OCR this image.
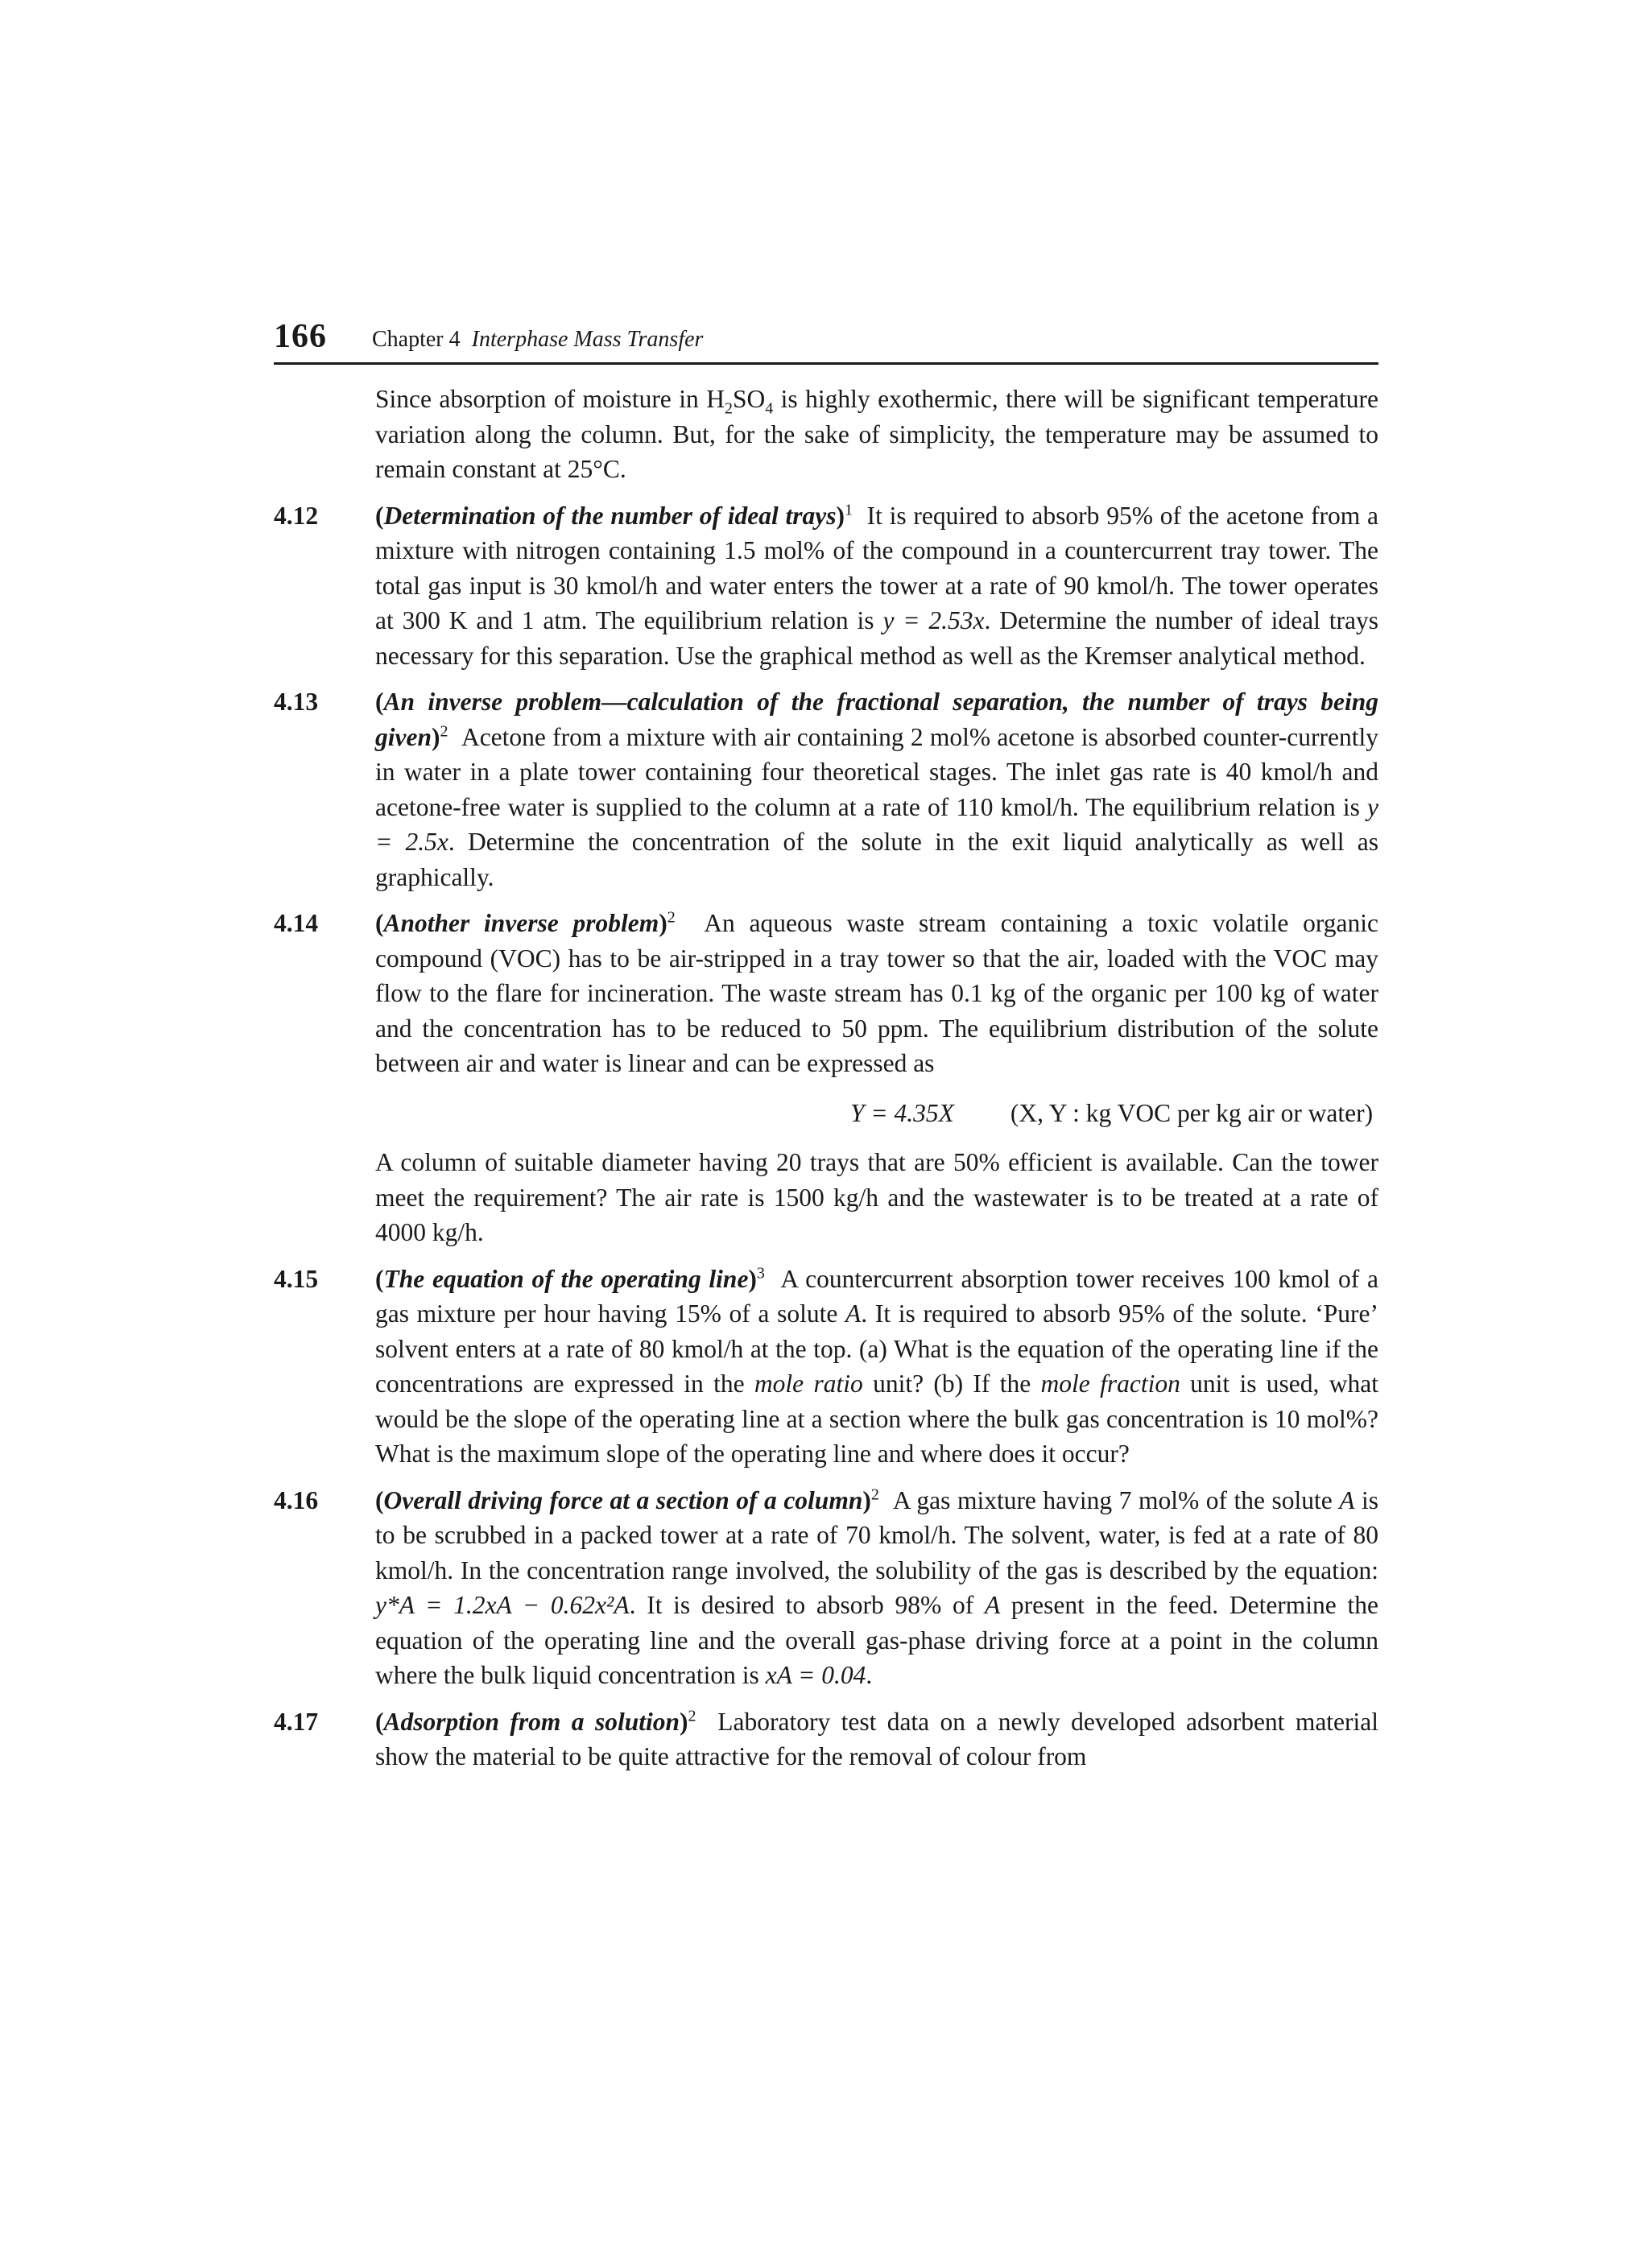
166 Chapter 4 Interphase Mass Transfer

Since absorption of moisture in $H_2SO_4$ is highly exothermic, there will be significant temperature variation along the column. But, for the sake of simplicity, the temperature may be assumed to remain constant at 25°C.

4.12 (Determination of the number of ideal trays)$^1$ It is required to absorb 95% of the acetone from a mixture with nitrogen containing 1.5 mol% of the compound in a countercurrent tray tower. The total gas input is 30 kmol/h and water enters the tower at a rate of 90 kmol/h. The tower operates at 300 K and 1 atm. The equilibrium relation is y = 2.53x. Determine the number of ideal trays necessary for this separation. Use the graphical method as well as the Kremser analytical method.

4.13 (An inverse problem—calculation of the fractional separation, the number of trays being given)$^2$ Acetone from a mixture with air containing 2 mol% acetone is absorbed counter-currently in water in a plate tower containing four theoretical stages. The inlet gas rate is 40 kmol/h and acetone-free water is supplied to the column at a rate of 110 kmol/h. The equilibrium relation is y = 2.5x. Determine the concentration of the solute in the exit liquid analytically as well as graphically.

4.14 (Another inverse problem)$^2$ An aqueous waste stream containing a toxic volatile organic compound (VOC) has to be air-stripped in a tray tower so that the air, loaded with the VOC may flow to the flare for incineration. The waste stream has 0.1 kg of the organic per 100 kg of water and the concentration has to be reduced to 50 ppm. The equilibrium distribution of the solute between air and water is linear and can be expressed as

Y = 4.35X (X, Y : kg VOC per kg air or water)

A column of suitable diameter having 20 trays that are 50% efficient is available. Can the tower meet the requirement? The air rate is 1500 kg/h and the wastewater is to be treated at a rate of 4000 kg/h.

4.15 (The equation of the operating line)$^3$ A countercurrent absorption tower receives 100 kmol of a gas mixture per hour having 15% of a solute A. It is required to absorb 95% of the solute. ‘Pure’ solvent enters at a rate of 80 kmol/h at the top. (a) What is the equation of the operating line if the concentrations are expressed in the mole ratio unit? (b) If the mole fraction unit is used, what would be the slope of the operating line at a section where the bulk gas concentration is 10 mol%? What is the maximum slope of the operating line and where does it occur?

4.16 (Overall driving force at a section of a column)$^2$ A gas mixture having 7 mol% of the solute A is to be scrubbed in a packed tower at a rate of 70 kmol/h. The solvent, water, is fed at a rate of 80 kmol/h. In the concentration range involved, the solubility of the gas is described by the equation: y*A = 1.2xA − 0.62x²A. It is desired to absorb 98% of A present in the feed. Determine the equation of the operating line and the overall gas-phase driving force at a point in the column where the bulk liquid concentration is xA = 0.04.

4.17 (Adsorption from a solution)$^2$ Laboratory test data on a newly developed adsorbent material show the material to be quite attractive for the removal of colour from
